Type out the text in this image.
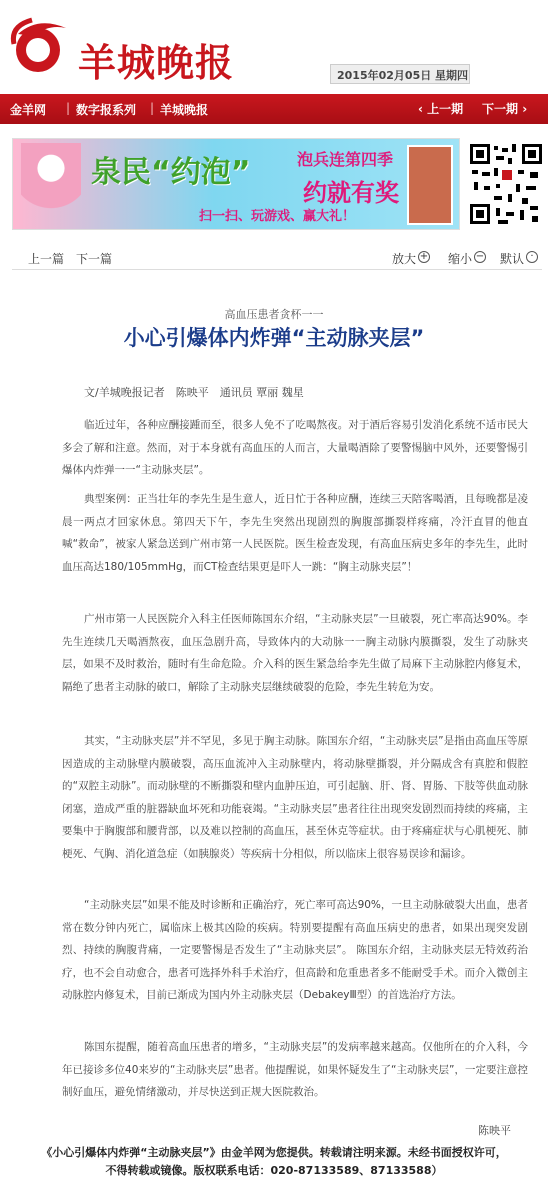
羊城晚报	2015年02月05日 星期四
金羊网 | 数字报系列 | 羊城晚报	‹ 上一期 下一期 ›
泉民“约泡”	泡兵连第四季
约就有奖
扫一扫、玩游戏、赢大礼！
上一篇 下一篇	放大 + 缩小 − 默认 ·
高血压患者贪杯一一
小心引爆体内炸弹“主动脉夹层”
文/羊城晚报记者　陈映平　通讯员 覃丽 魏星

临近过年，各种应酬接踵而至，很多人免不了吃喝熬夜。对于酒后容易引发消化系统不适市民大多会了解和注意。然而，对于本身就有高血压的人而言，大量喝酒除了要警惕脑中风外，还要警惕引爆体内炸弹一一“主动脉夹层”。

典型案例：正当壮年的李先生是生意人，近日忙于各种应酬，连续三天陪客喝酒，且每晚都是凌晨一两点才回家休息。第四天下午，李先生突然出现剧烈的胸腹部撕裂样疼痛，冷汗直冒的他直喊“救命”，被家人紧急送到广州市第一人民医院。医生检查发现，有高血压病史多年的李先生，此时血压高达180/105mmHg，而CT检查结果更是吓人一跳：“胸主动脉夹层”！

广州市第一人民医院介入科主任医师陈国东介绍，“主动脉夹层”一旦破裂，死亡率高达90%。李先生连续几天喝酒熬夜，血压急剧升高，导致体内的大动脉一一胸主动脉内膜撕裂，发生了动脉夹层，如果不及时救治，随时有生命危险。介入科的医生紧急给李先生做了局麻下主动脉腔内修复术，隔绝了患者主动脉的破口，解除了主动脉夹层继续破裂的危险，李先生转危为安。

其实，“主动脉夹层”并不罕见，多见于胸主动脉。陈国东介绍，“主动脉夹层”是指由高血压等原因造成的主动脉壁内膜破裂，高压血流冲入主动脉壁内，将动脉壁撕裂，并分隔成含有真腔和假腔的“双腔主动脉”。而动脉壁的不断撕裂和壁内血肿压迫，可引起脑、肝、肾、胃肠、下肢等供血动脉闭塞，造成严重的脏器缺血坏死和功能衰竭。“主动脉夹层”患者往往出现突发剧烈而持续的疼痛，主要集中于胸腹部和腰背部，以及难以控制的高血压，甚至休克等症状。由于疼痛症状与心肌梗死、肺梗死、气胸、消化道急症（如胰腺炎）等疾病十分相似，所以临床上很容易误诊和漏诊。

“主动脉夹层”如果不能及时诊断和正确治疗，死亡率可高达90%，一旦主动脉破裂大出血，患者常在数分钟内死亡，属临床上极其凶险的疾病。特别要提醒有高血压病史的患者，如果出现突发剧烈、持续的胸腹背痛，一定要警惕是否发生了“主动脉夹层”。 陈国东介绍，主动脉夹层无特效药治疗，也不会自动愈合，患者可选择外科手术治疗，但高龄和危重患者多不能耐受手术。而介入微创主动脉腔内修复术，目前已渐成为国内外主动脉夹层（DebakeyⅢ型）的首选治疗方法。

陈国东提醒，随着高血压患者的增多，“主动脉夹层”的发病率越来越高。仅他所在的介入科，今年已接诊多位40来岁的“主动脉夹层”患者。他提醒说，如果怀疑发生了“主动脉夹层”，一定要注意控制好血压，避免情绪激动，并尽快送到正规大医院救治。

陈映平
《小心引爆体内炸弹“主动脉夹层”》由金羊网为您提供。转载请注明来源。未经书面授权许可，
不得转载或镜像。版权联系电话：020-87133589、87133588）
